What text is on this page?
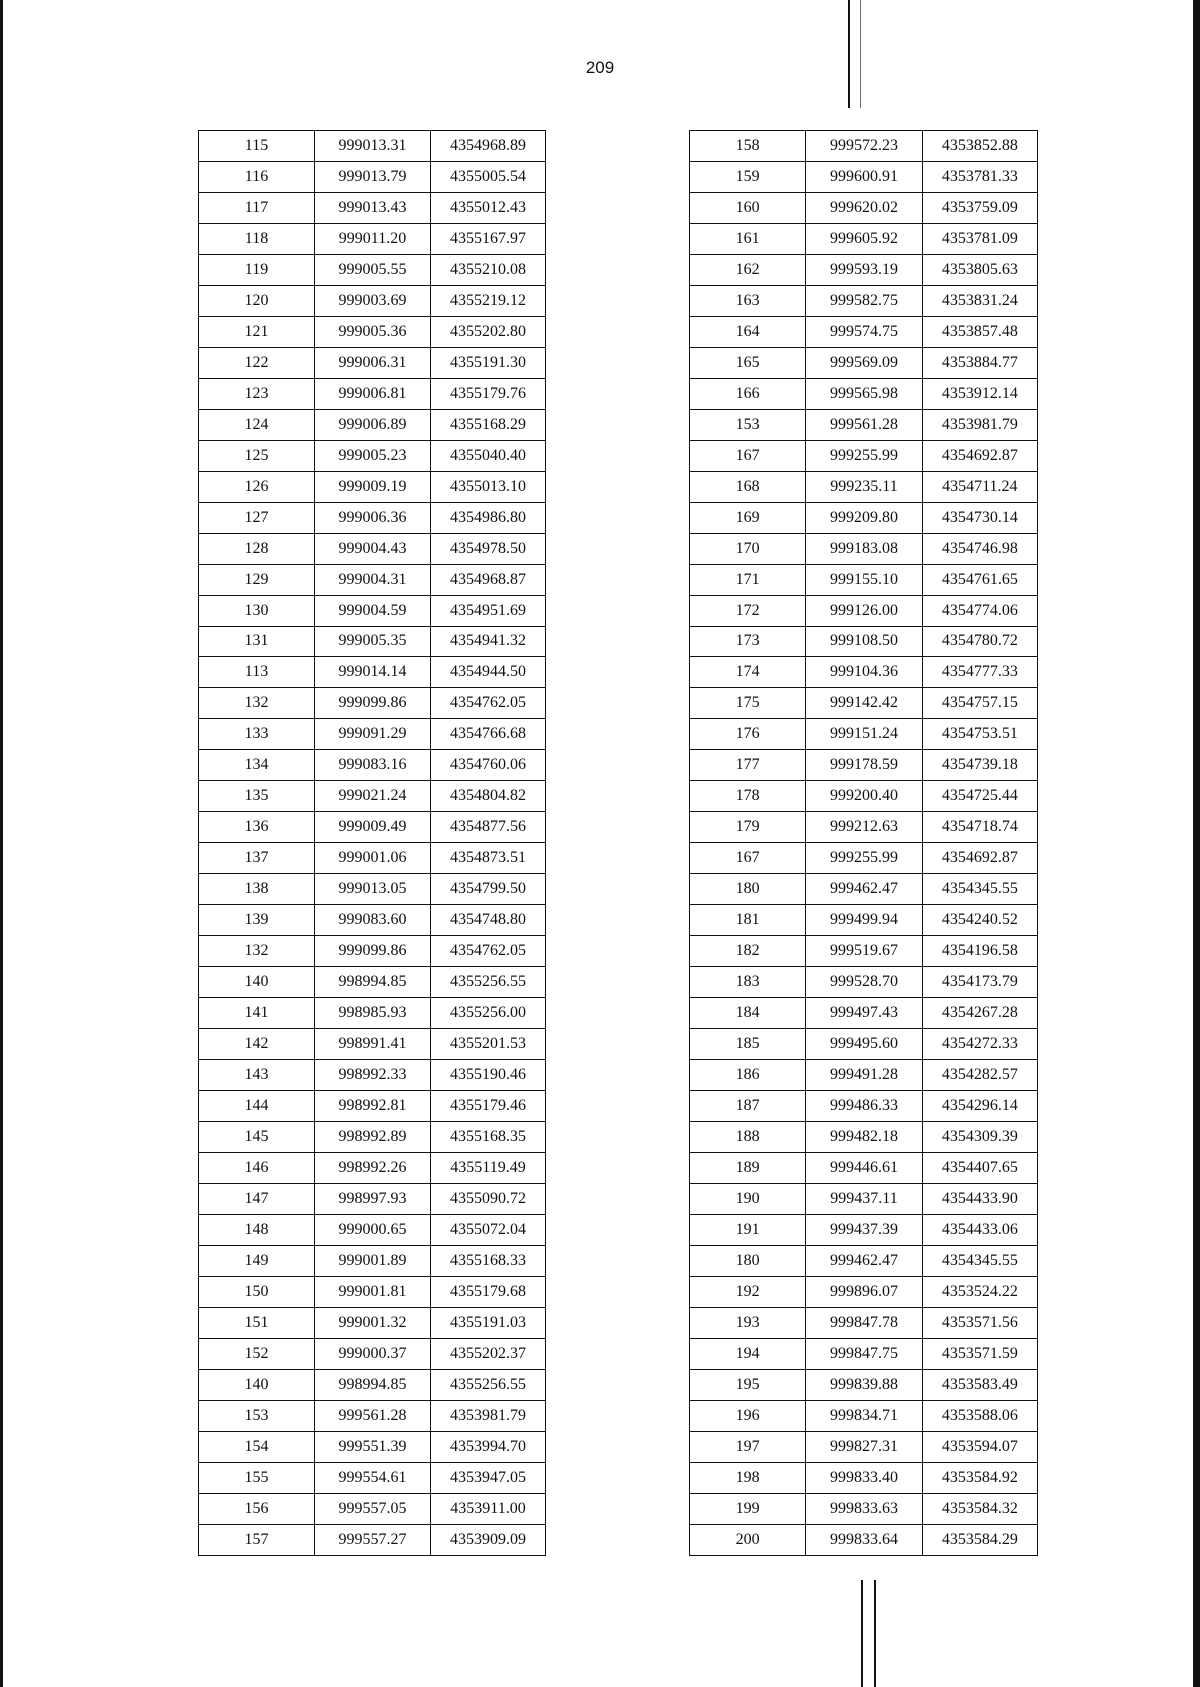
209
115	999013.31	4354968.89
116	999013.79	4355005.54
117	999013.43	4355012.43
118	999011.20	4355167.97
119	999005.55	4355210.08
120	999003.69	4355219.12
121	999005.36	4355202.80
122	999006.31	4355191.30
123	999006.81	4355179.76
124	999006.89	4355168.29
125	999005.23	4355040.40
126	999009.19	4355013.10
127	999006.36	4354986.80
128	999004.43	4354978.50
129	999004.31	4354968.87
130	999004.59	4354951.69
131	999005.35	4354941.32
113	999014.14	4354944.50
132	999099.86	4354762.05
133	999091.29	4354766.68
134	999083.16	4354760.06
135	999021.24	4354804.82
136	999009.49	4354877.56
137	999001.06	4354873.51
138	999013.05	4354799.50
139	999083.60	4354748.80
132	999099.86	4354762.05
140	998994.85	4355256.55
141	998985.93	4355256.00
142	998991.41	4355201.53
143	998992.33	4355190.46
144	998992.81	4355179.46
145	998992.89	4355168.35
146	998992.26	4355119.49
147	998997.93	4355090.72
148	999000.65	4355072.04
149	999001.89	4355168.33
150	999001.81	4355179.68
151	999001.32	4355191.03
152	999000.37	4355202.37
140	998994.85	4355256.55
153	999561.28	4353981.79
154	999551.39	4353994.70
155	999554.61	4353947.05
156	999557.05	4353911.00
157	999557.27	4353909.09
158	999572.23	4353852.88
159	999600.91	4353781.33
160	999620.02	4353759.09
161	999605.92	4353781.09
162	999593.19	4353805.63
163	999582.75	4353831.24
164	999574.75	4353857.48
165	999569.09	4353884.77
166	999565.98	4353912.14
153	999561.28	4353981.79
167	999255.99	4354692.87
168	999235.11	4354711.24
169	999209.80	4354730.14
170	999183.08	4354746.98
171	999155.10	4354761.65
172	999126.00	4354774.06
173	999108.50	4354780.72
174	999104.36	4354777.33
175	999142.42	4354757.15
176	999151.24	4354753.51
177	999178.59	4354739.18
178	999200.40	4354725.44
179	999212.63	4354718.74
167	999255.99	4354692.87
180	999462.47	4354345.55
181	999499.94	4354240.52
182	999519.67	4354196.58
183	999528.70	4354173.79
184	999497.43	4354267.28
185	999495.60	4354272.33
186	999491.28	4354282.57
187	999486.33	4354296.14
188	999482.18	4354309.39
189	999446.61	4354407.65
190	999437.11	4354433.90
191	999437.39	4354433.06
180	999462.47	4354345.55
192	999896.07	4353524.22
193	999847.78	4353571.56
194	999847.75	4353571.59
195	999839.88	4353583.49
196	999834.71	4353588.06
197	999827.31	4353594.07
198	999833.40	4353584.92
199	999833.63	4353584.32
200	999833.64	4353584.29
